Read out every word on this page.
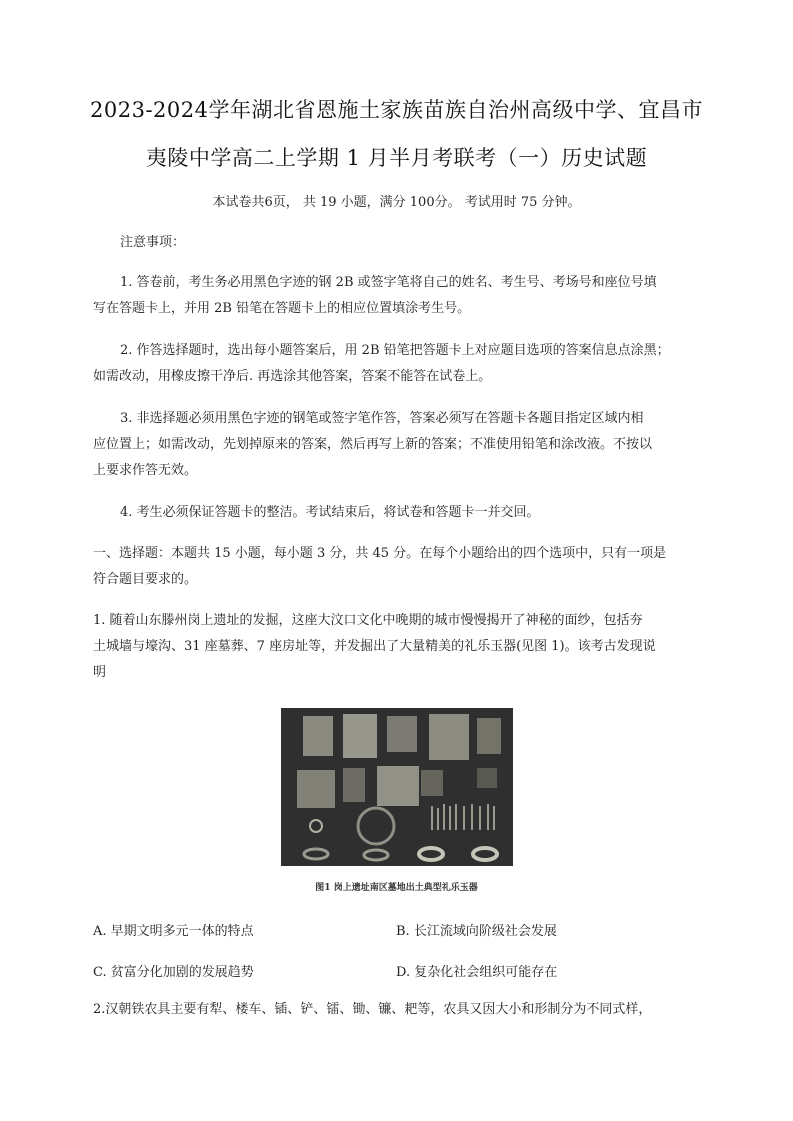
2023-2024学年湖北省恩施土家族苗族自治州高级中学、宜昌市
夷陵中学高二上学期 1 月半月考联考（一）历史试题
本试卷共6页， 共 19 小题，满分 100分。 考试用时 75 分钟。
注意事项：
1. 答卷前，考生务必用黑色字迹的钢 2B 或签字笔将自己的姓名、考生号、考场号和座位号填
写在答题卡上，并用 2B 铅笔在答题卡上的相应位置填涂考生号。
2. 作答选择题时，选出每小题答案后，用 2B 铅笔把答题卡上对应题目选项的答案信息点涂黑；
如需改动，用橡皮擦干净后. 再选涂其他答案，答案不能答在试卷上。
3. 非选择题必须用黑色字迹的钢笔或签字笔作答，答案必须写在答题卡各题目指定区域内相
应位置上；如需改动，先划掉原来的答案，然后再写上新的答案；不准使用铅笔和涂改液。不按以
上要求作答无效。
4. 考生必须保证答题卡的整洁。考试结束后，将试卷和答题卡一并交回。
一、选择题：本题共 15 小题，每小题 3 分，共 45 分。在每个小题给出的四个选项中，只有一项是
符合题目要求的。
1. 随着山东滕州岗上遗址的发掘，这座大汶口文化中晚期的城市慢慢揭开了神秘的面纱，包括夯
土城墙与壕沟、31 座墓葬、7 座房址等，并发掘出了大量精美的礼乐玉器(见图 1)。该考古发现说
明
图1 岗上遗址南区墓地出土典型礼乐玉器
A. 早期文明多元一体的特点	B. 长江流域向阶级社会发展
C. 贫富分化加剧的发展趋势	D. 复杂化社会组织可能存在
2.汉朝铁农具主要有犁、楼车、锸、铲、镭、锄、镰、耙等，农具又因大小和形制分为不同式样，
